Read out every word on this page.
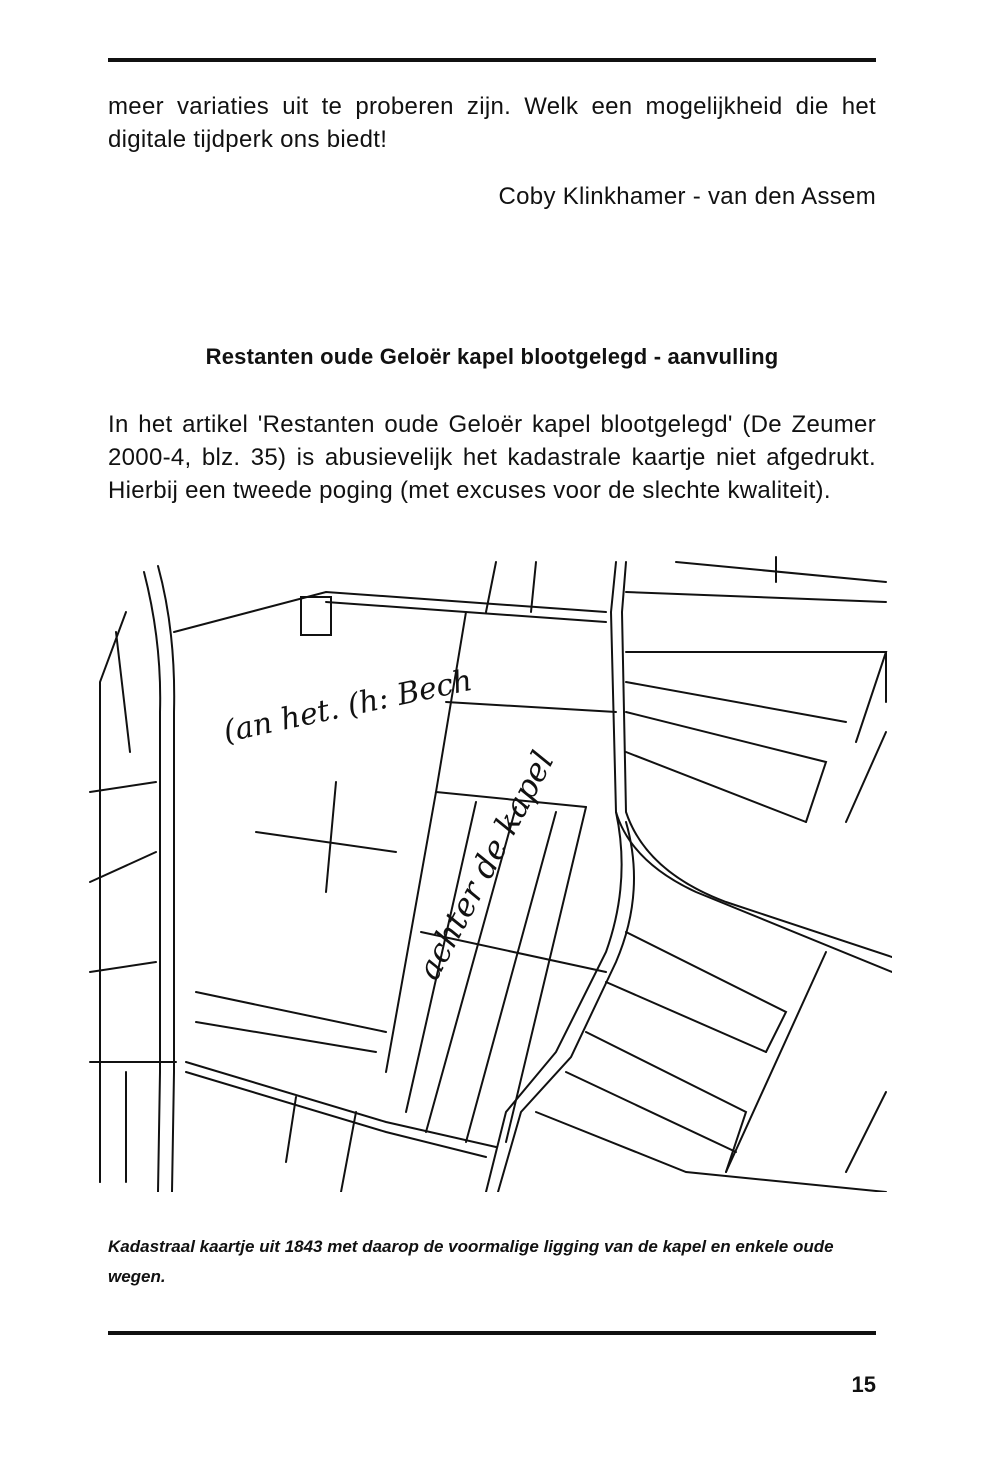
meer variaties uit te proberen zijn. Welk een mogelijkheid die het digitale tijdperk ons biedt!

Coby Klinkhamer - van den Assem
Restanten oude Geloër kapel blootgelegd - aanvulling

In het artikel 'Restanten oude Geloër kapel blootgelegd' (De Zeumer 2000-4, blz. 35) is abusievelijk het kadastrale kaartje niet afgedrukt. Hierbij een tweede poging (met excuses voor de slechte kwaliteit).

(an het. (h: Bech
achter de kapel
Kadastraal kaartje uit 1843 met daarop de voormalige ligging van de kapel en enkele oude wegen.
15
